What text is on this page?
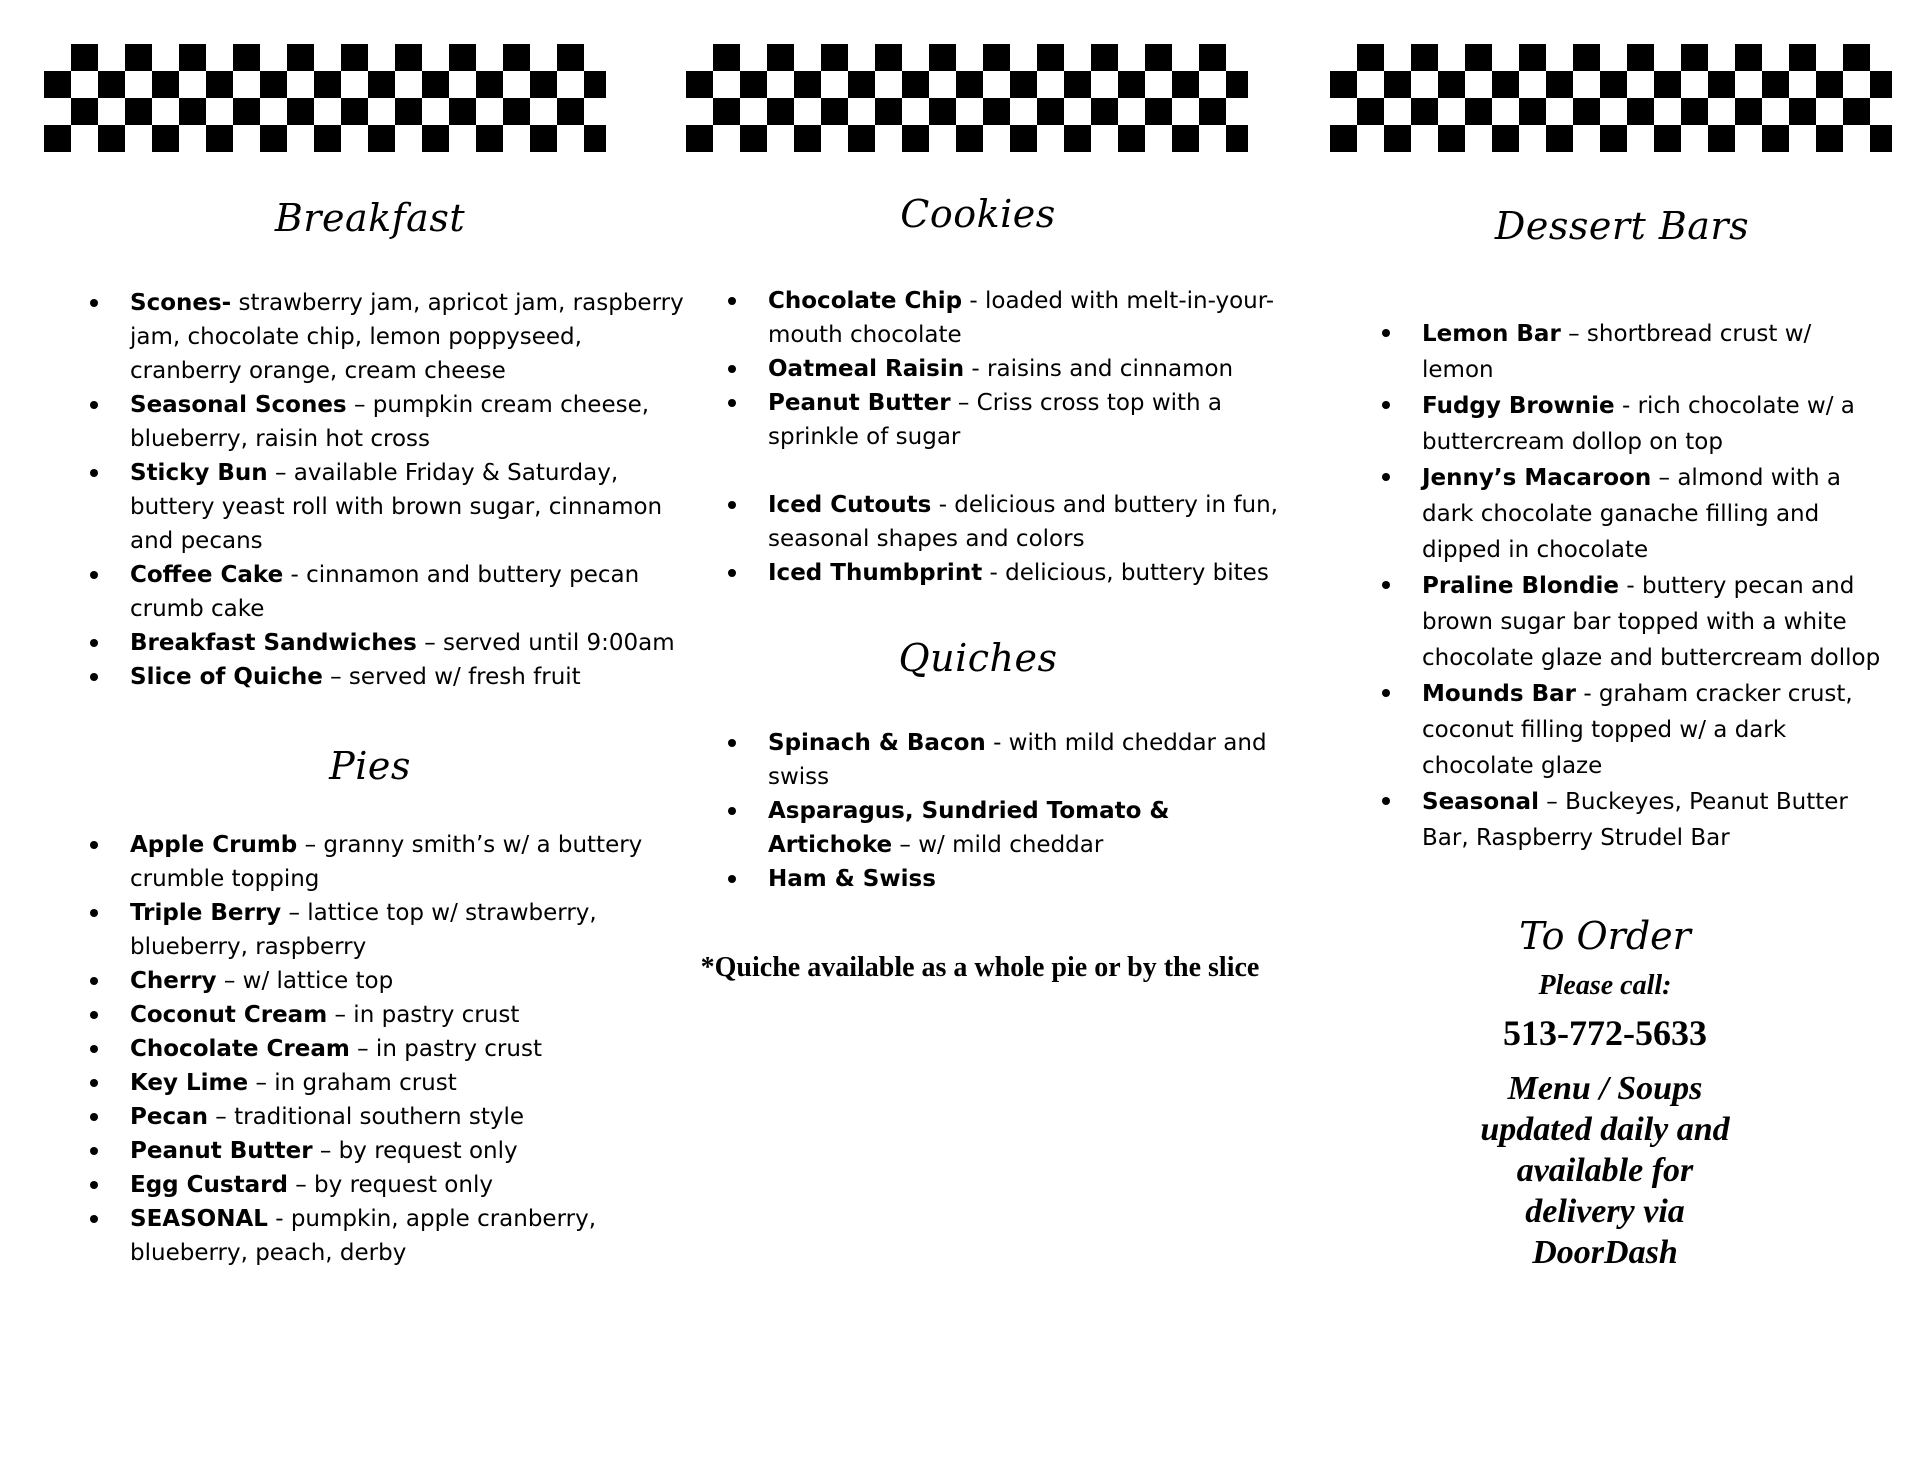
Breakfast
Scones- strawberry jam, apricot jam, raspberry jam, chocolate chip, lemon poppyseed, cranberry orange, cream cheese
Seasonal Scones – pumpkin cream cheese, blueberry, raisin hot cross
Sticky Bun – available Friday & Saturday, buttery yeast roll with brown sugar, cinnamon and pecans
Coffee Cake - cinnamon and buttery pecan crumb cake
Breakfast Sandwiches – served until 9:00am
Slice of Quiche – served w/ fresh fruit
Pies
Apple Crumb – granny smith’s w/ a buttery crumble topping
Triple Berry – lattice top w/ strawberry, blueberry, raspberry
Cherry – w/ lattice top
Coconut Cream – in pastry crust
Chocolate Cream – in pastry crust
Key Lime – in graham crust
Pecan – traditional southern style
Peanut Butter – by request only
Egg Custard – by request only
SEASONAL - pumpkin, apple cranberry, blueberry, peach, derby
Cookies
Chocolate Chip - loaded with melt-in-your-mouth chocolate
Oatmeal Raisin - raisins and cinnamon
Peanut Butter – Criss cross top with a sprinkle of sugar
Iced Cutouts - delicious and buttery in fun, seasonal shapes and colors
Iced Thumbprint - delicious, buttery bites
Quiches
Spinach & Bacon - with mild cheddar and swiss
Asparagus, Sundried Tomato & Artichoke – w/ mild cheddar
Ham & Swiss
*Quiche available as a whole pie or by the slice
Dessert Bars
Lemon Bar – shortbread crust w/ lemon
Fudgy Brownie - rich chocolate w/ a buttercream dollop on top
Jenny’s Macaroon – almond with a dark chocolate ganache filling and dipped in chocolate
Praline Blondie - buttery pecan and brown sugar bar topped with a white chocolate glaze and buttercream dollop
Mounds Bar - graham cracker crust, coconut filling topped w/ a dark chocolate glaze
Seasonal – Buckeyes, Peanut Butter Bar, Raspberry Strudel Bar
To Order
Please call:
513-772-5633
Menu / Soups updated daily and available for delivery via DoorDash
